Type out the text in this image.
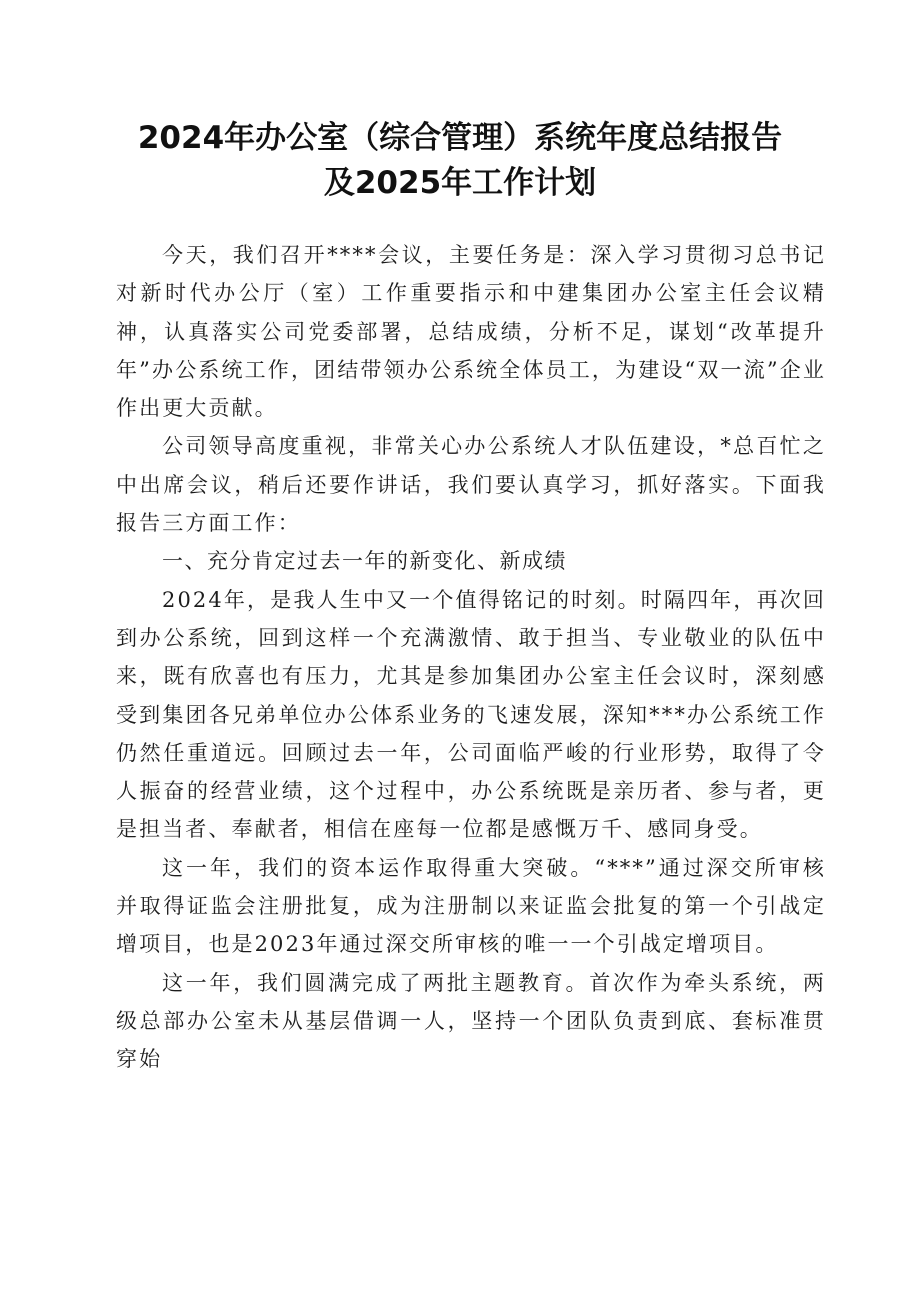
2024年办公室（综合管理）系统年度总结报告
及2025年工作计划

今天，我们召开****会议，主要任务是：深入学习贯彻习总书记对新时代办公厅（室）工作重要指示和中建集团办公室主任会议精神，认真落实公司党委部署，总结成绩，分析不足，谋划“改革提升年”办公系统工作，团结带领办公系统全体员工，为建设“双一流”企业作出更大贡献。

公司领导高度重视，非常关心办公系统人才队伍建设，*总百忙之中出席会议，稍后还要作讲话，我们要认真学习，抓好落实。下面我报告三方面工作：

一、充分肯定过去一年的新变化、新成绩

2024年，是我人生中又一个值得铭记的时刻。时隔四年，再次回到办公系统，回到这样一个充满激情、敢于担当、专业敬业的队伍中来，既有欣喜也有压力，尤其是参加集团办公室主任会议时，深刻感受到集团各兄弟单位办公体系业务的飞速发展，深知***办公系统工作仍然任重道远。回顾过去一年，公司面临严峻的行业形势，取得了令人振奋的经营业绩，这个过程中，办公系统既是亲历者、参与者，更是担当者、奉献者，相信在座每一位都是感慨万千、感同身受。

这一年，我们的资本运作取得重大突破。“***”通过深交所审核并取得证监会注册批复，成为注册制以来证监会批复的第一个引战定增项目，也是2023年通过深交所审核的唯一一个引战定增项目。

这一年，我们圆满完成了两批主题教育。首次作为牵头系统，两级总部办公室未从基层借调一人，坚持一个团队负责到底、套标准贯穿始
